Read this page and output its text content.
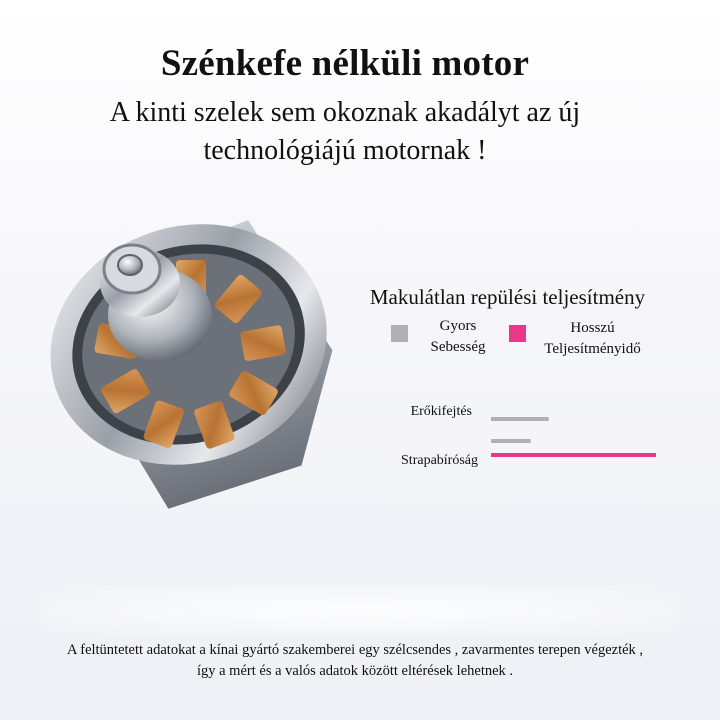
Szénkefe nélküli motor
A kinti szelek sem okoznak akadályt az új technológiájú motornak !
Makulátlan repülési teljesítmény
Gyors
Sebesség
Hosszú
Teljesítményidő
Erőkifejtés
Strapabíróság
A feltüntetett adatokat a kínai gyártó szakemberei egy szélcsendes , zavarmentes terepen végezték , így a mért és a valós adatok között eltérések lehetnek .
